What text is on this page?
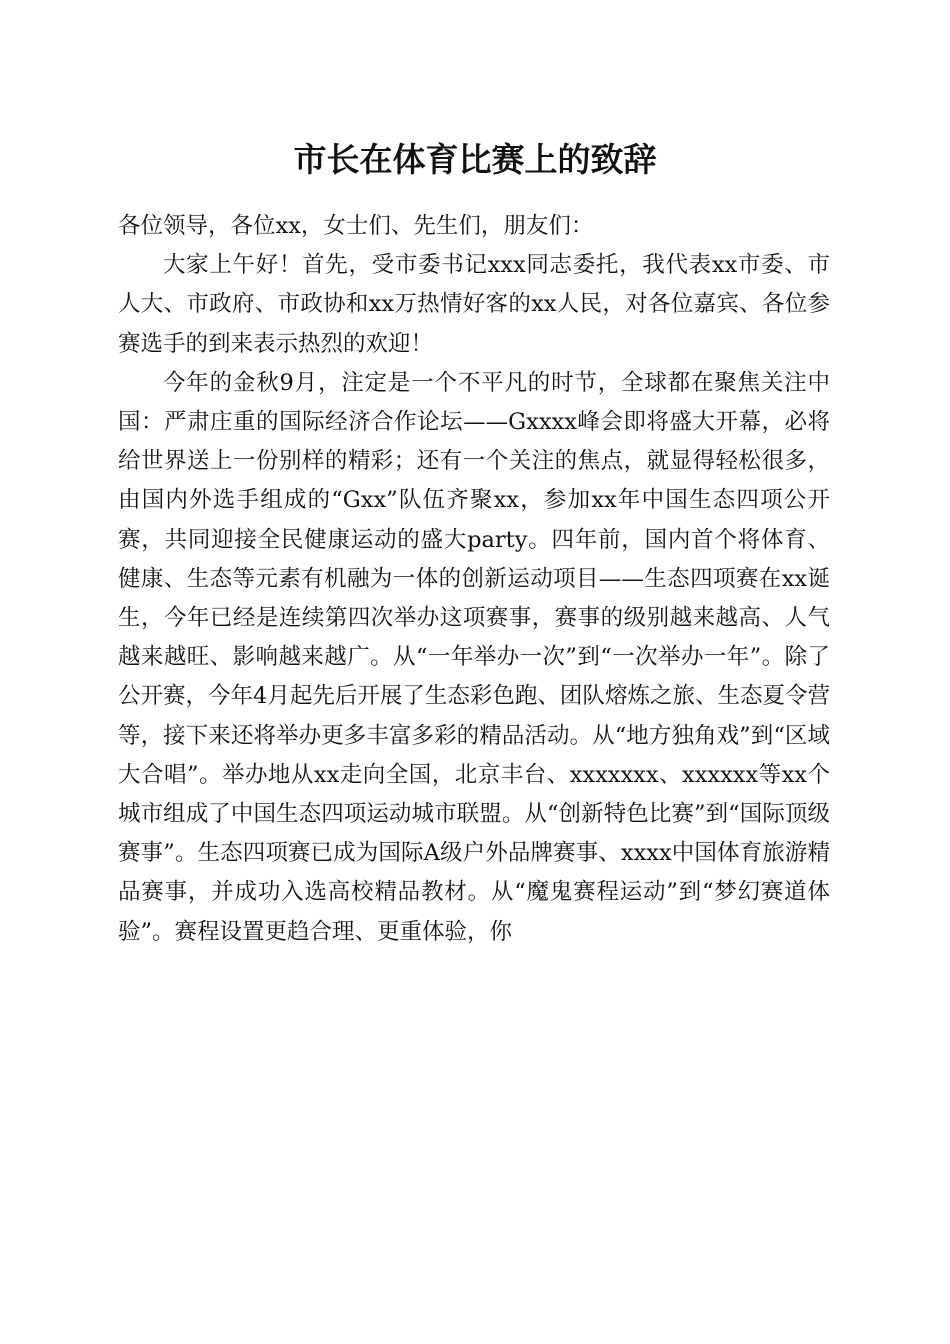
市长在体育比赛上的致辞

各位领导，各位xx，女士们、先生们，朋友们：

大家上午好！首先，受市委书记xxx同志委托，我代表xx市委、市人大、市政府、市政协和xx万热情好客的xx人民，对各位嘉宾、各位参赛选手的到来表示热烈的欢迎！

今年的金秋9月，注定是一个不平凡的时节，全球都在聚焦关注中国：严肃庄重的国际经济合作论坛——Gxxxx峰会即将盛大开幕，必将给世界送上一份别样的精彩；还有一个关注的焦点，就显得轻松很多，由国内外选手组成的“Gxx”队伍齐聚xx，参加xx年中国生态四项公开赛，共同迎接全民健康运动的盛大party。四年前，国内首个将体育、健康、生态等元素有机融为一体的创新运动项目——生态四项赛在xx诞生，今年已经是连续第四次举办这项赛事，赛事的级别越来越高、人气越来越旺、影响越来越广。从“一年举办一次”到“一次举办一年”。除了公开赛，今年4月起先后开展了生态彩色跑、团队熔炼之旅、生态夏令营等，接下来还将举办更多丰富多彩的精品活动。从“地方独角戏”到“区域大合唱”。举办地从xx走向全国，北京丰台、xxxxxxx、xxxxxx等xx个城市组成了中国生态四项运动城市联盟。从“创新特色比赛”到“国际顶级赛事”。生态四项赛已成为国际A级户外品牌赛事、xxxx中国体育旅游精品赛事，并成功入选高校精品教材。从“魔鬼赛程运动”到“梦幻赛道体验”。赛程设置更趋合理、更重体验，你
